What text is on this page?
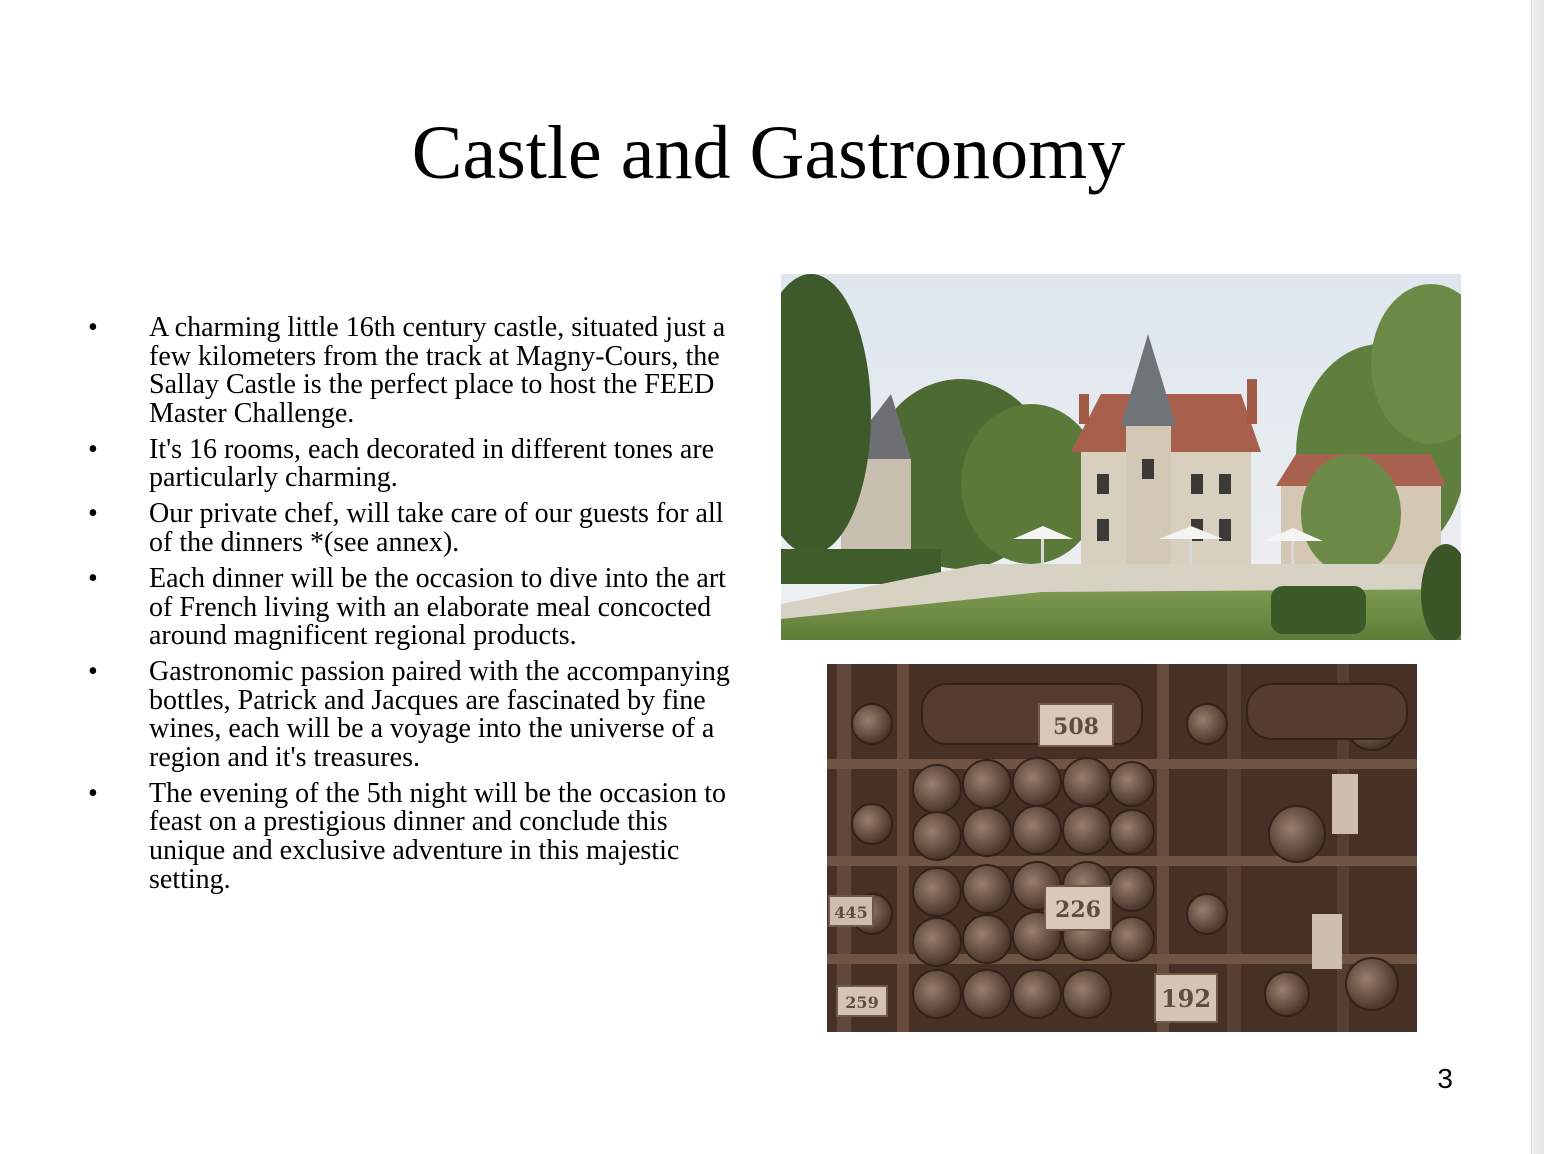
Castle and Gastronomy
•	A charming little 16th century castle, situated just a few kilometers from the track at Magny-Cours, the Sallay Castle is the perfect place to host the FEED Master Challenge.
•	It's 16 rooms, each decorated in different tones are particularly charming.
•	Our private chef, will take care of our guests for all of the dinners *(see annex).
•	Each dinner will be the occasion to dive into the art of French living with an elaborate meal concocted around magnificent regional products.
•	Gastronomic passion paired with the accompanying bottles, Patrick and Jacques are fascinated by fine wines, each will be a voyage into the universe of a region and it's treasures.
•	The evening of the 5th night will be the occasion to feast on a prestigious dinner and conclude this unique and exclusive adventure in this majestic setting.
508
226
445
259	192
3
